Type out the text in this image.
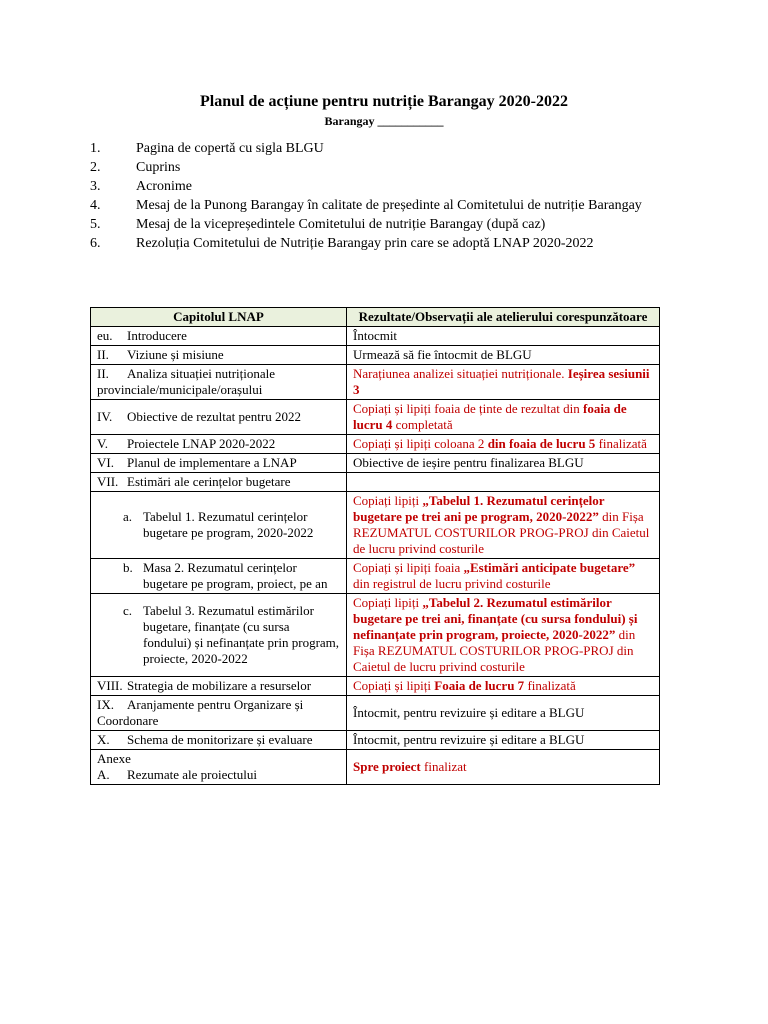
Planul de acțiune pentru nutriție Barangay 2020-2022
Barangay ___________
1.	Pagina de copertă cu sigla BLGU
2.	Cuprins
3.	Acronime
4.	Mesaj de la Punong Barangay în calitate de președinte al Comitetului de nutriție Barangay
5.	Mesaj de la vicepreședintele Comitetului de nutriție Barangay (după caz)
6.	Rezoluția Comitetului de Nutriție Barangay prin care se adoptă LNAP 2020-2022
Capitolul LNAP	Rezultate/Observații ale atelierului corespunzătoare
eu. Introducere	Întocmit
II. Viziune și misiune	Urmează să fie întocmit de BLGU
II. Analiza situației nutriționale provinciale/municipale/orașului	Narațiunea analizei situației nutriționale. Ieșirea sesiunii 3
IV. Obiective de rezultat pentru 2022	Copiați și lipiți foaia de ținte de rezultat din foaia de lucru 4 completată
V. Proiectele LNAP 2020-2022	Copiați și lipiți coloana 2 din foaia de lucru 5 finalizată
VI. Planul de implementare a LNAP	Obiective de ieșire pentru finalizarea BLGU
VII. Estimări ale cerințelor bugetare	

a. Tabelul 1. Rezumatul cerințelor bugetare pe program, 2020-2022	Copiați lipiți „Tabelul 1. Rezumatul cerințelor bugetare pe trei ani pe program, 2020-2022” din Fișa REZUMATUL COSTURILOR PROG-PROJ din Caietul de lucru privind costurile

b. Masa 2. Rezumatul cerințelor bugetare pe program, proiect, pe an	Copiați și lipiți foaia „Estimări anticipate bugetare” din registrul de lucru privind costurile

c. Tabelul 3. Rezumatul estimărilor bugetare, finanțate (cu sursa fondului) și nefinanțate prin program, proiecte, 2020-2022	Copiați lipiți „Tabelul 2. Rezumatul estimărilor bugetare pe trei ani, finanțate (cu sursa fondului) și nefinanțate prin program, proiecte, 2020-2022” din Fișa REZUMATUL COSTURILOR PROG-PROJ din Caietul de lucru privind costurile
VIII. Strategia de mobilizare a resurselor	Copiați și lipiți Foaia de lucru 7 finalizată
IX. Aranjamente pentru Organizare și Coordonare	Întocmit, pentru revizuire și editare a BLGU
X. Schema de monitorizare și evaluare	Întocmit, pentru revizuire și editare a BLGU

Anexe
A. Rezumate ale proiectului	Spre proiect finalizat
